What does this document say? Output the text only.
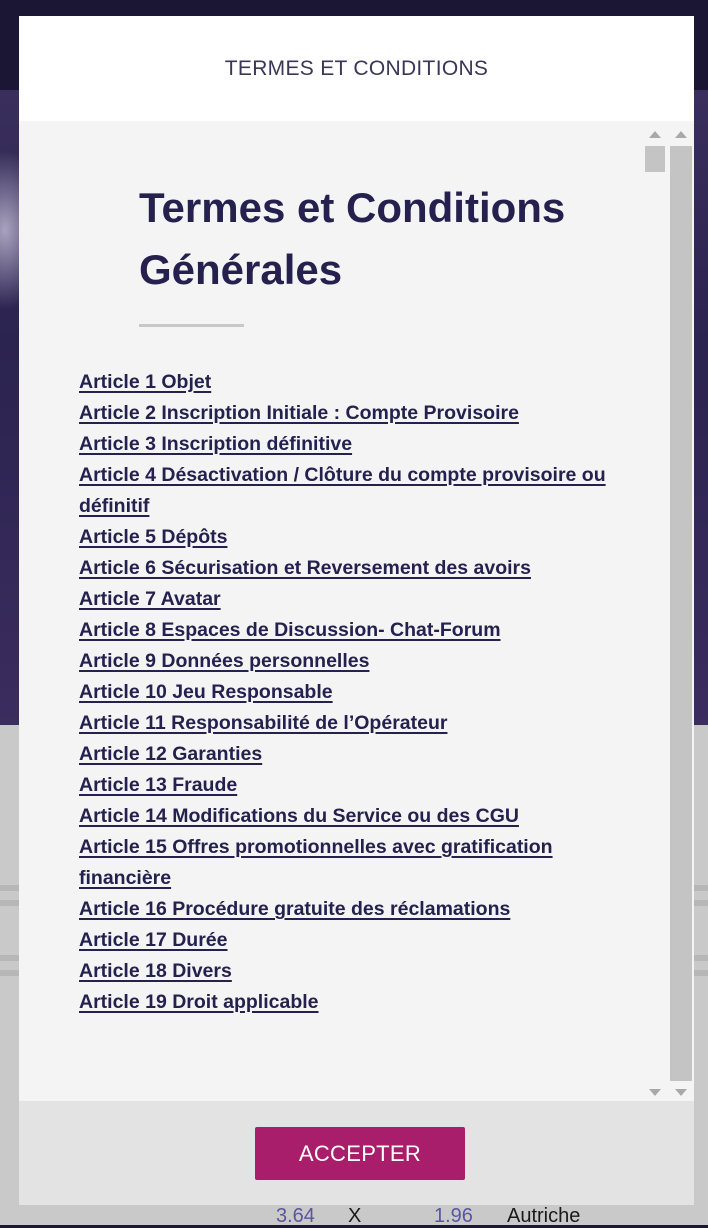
3.64 X	1.96 Autriche
TERMES ET CONDITIONS
Termes et Conditions Générales
Article 1 Objet
Article 2 Inscription Initiale : Compte Provisoire
Article 3 Inscription définitive
Article 4 Désactivation / Clôture du compte provisoire ou définitif
Article 5 Dépôts
Article 6 Sécurisation et Reversement des avoirs
Article 7 Avatar
Article 8 Espaces de Discussion- Chat-Forum
Article 9 Données personnelles
Article 10 Jeu Responsable
Article 11 Responsabilité de l’Opérateur
Article 12 Garanties
Article 13 Fraude
Article 14 Modifications du Service ou des CGU
Article 15 Offres promotionnelles avec gratification financière
Article 16 Procédure gratuite des réclamations
Article 17 Durée
Article 18 Divers
Article 19 Droit applicable
ACCEPTER
